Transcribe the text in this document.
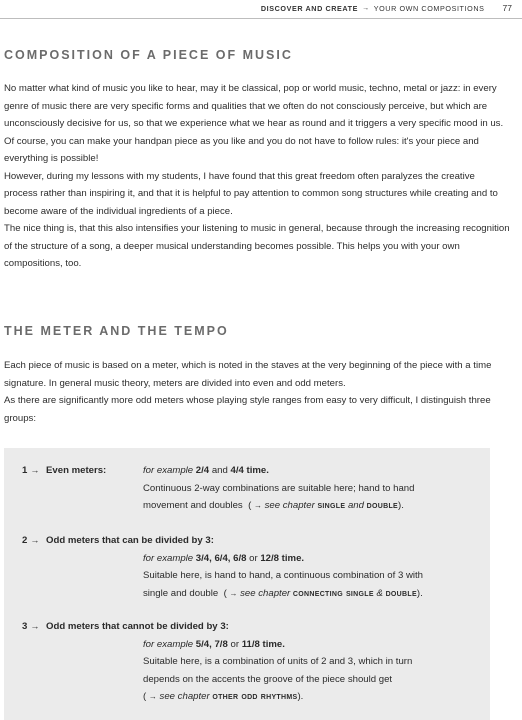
DISCOVER AND CREATE → YOUR OWN COMPOSITIONS 77
COMPOSITION OF A PIECE OF MUSIC

No matter what kind of music you like to hear, may it be classical, pop or world music, techno, metal or jazz: in every genre of music there are very specific forms and qualities that we often do not consciously perceive, but which are unconsciously decisive for us, so that we experience what we hear as round and it triggers a very specific mood in us.

Of course, you can make your handpan piece as you like and you do not have to follow rules: it's your piece and everything is possible!

However, during my lessons with my students, I have found that this great freedom often paralyzes the creative process rather than inspiring it, and that it is helpful to pay attention to common song structures while creating and to become aware of the individual ingredients of a piece.

The nice thing is, that this also intensifies your listening to music in general, because through the increasing recognition of the structure of a song, a deeper musical understanding becomes possible. This helps you with your own compositions, too.

THE METER AND THE TEMPO

Each piece of music is based on a meter, which is noted in the staves at the very beginning of the piece with a time signature. In general music theory, meters are divided into even and odd meters.

As there are significantly more odd meters whose playing style ranges from easy to very difficult, I distinguish three groups:

1 → Even meters:	for example 2/4 and 4/4 time.
Continuous 2-way combinations are suitable here; hand to hand movement and doubles ( → see chapter single and double).
2 → Odd meters that can be divided by 3:
for example 3/4, 6/4, 6/8 or 12/8 time.
Suitable here, is hand to hand, a continuous combination of 3 with single and double ( → see chapter connecting single & double).
3 → Odd meters that cannot be divided by 3:
for example 5/4, 7/8 or 11/8 time.
Suitable here, is a combination of units of 2 and 3, which in turn depends on the accents the groove of the piece should get
( → see chapter other odd rhythms).
